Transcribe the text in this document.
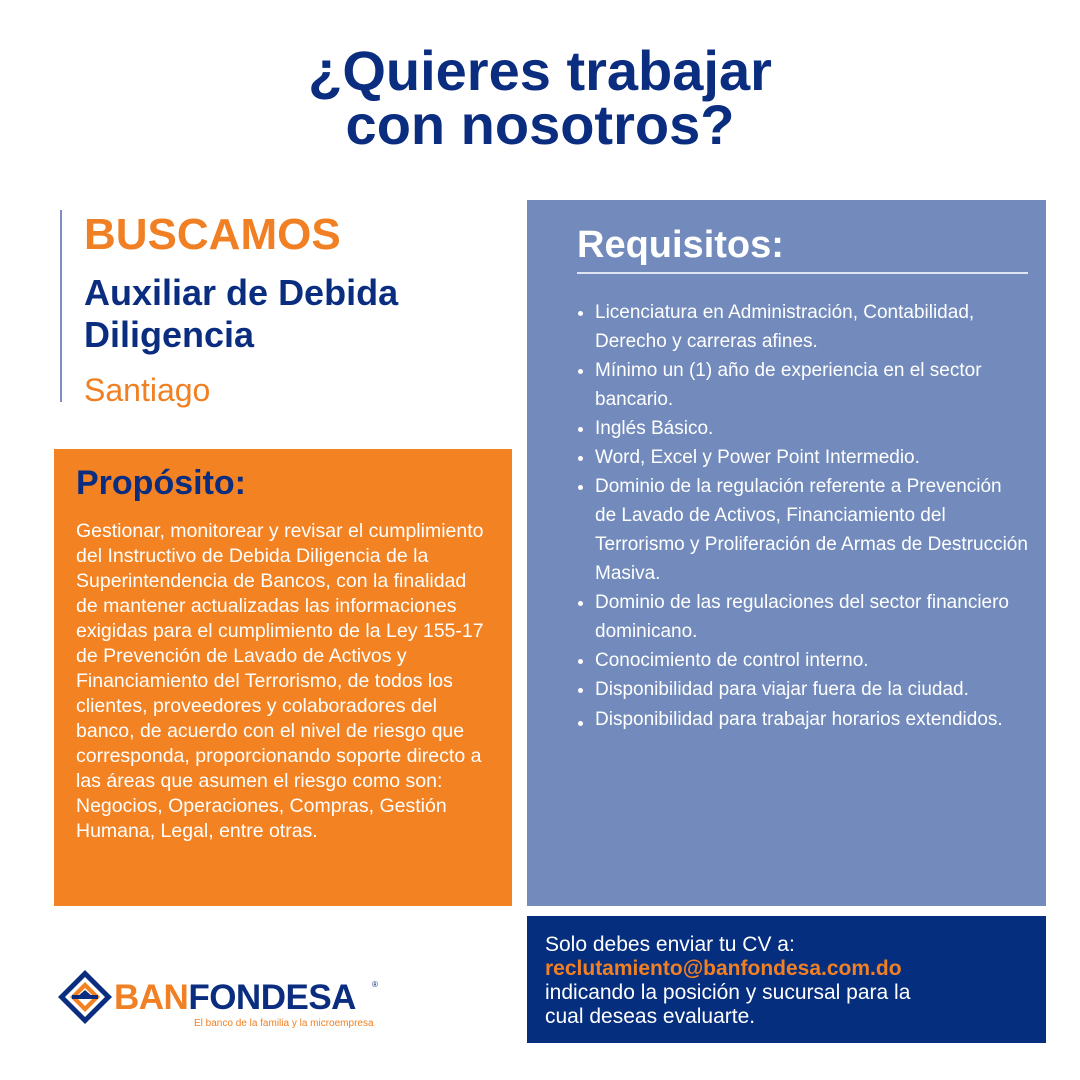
¿Quieres trabajar
con nosotros?
BUSCAMOS
Auxiliar de Debida
Diligencia
Santiago
Propósito:
Gestionar, monitorear y revisar el cumplimiento del Instructivo de Debida Diligencia de la Superintendencia de Bancos, con la finalidad de mantener actualizadas las informaciones exigidas para el cumplimiento de la Ley 155-17 de Prevención de Lavado de Activos y Financiamiento del Terrorismo, de todos los clientes, proveedores y colaboradores del banco, de acuerdo con el nivel de riesgo que corresponda, proporcionando soporte directo a las áreas que asumen el riesgo como son: Negocios, Operaciones, Compras, Gestión Humana, Legal, entre otras.
Requisitos:
Licenciatura en Administración, Contabilidad, Derecho y carreras afines.
Mínimo un (1) año de experiencia en el sector bancario.
Inglés Básico.
Word, Excel y Power Point Intermedio.
Dominio de la regulación referente a Prevención de Lavado de Activos, Financiamiento del Terrorismo y Proliferación de Armas de Destrucción Masiva.
Dominio de las regulaciones del sector financiero dominicano.
Conocimiento de control interno.
Disponibilidad para viajar fuera de la ciudad.
Disponibilidad para trabajar horarios extendidos.
Solo debes enviar tu CV a:
reclutamiento@banfondesa.com.do
indicando la posición y sucursal para la
cual deseas evaluarte.
BANFONDESA ®
El banco de la familia y la microempresa
